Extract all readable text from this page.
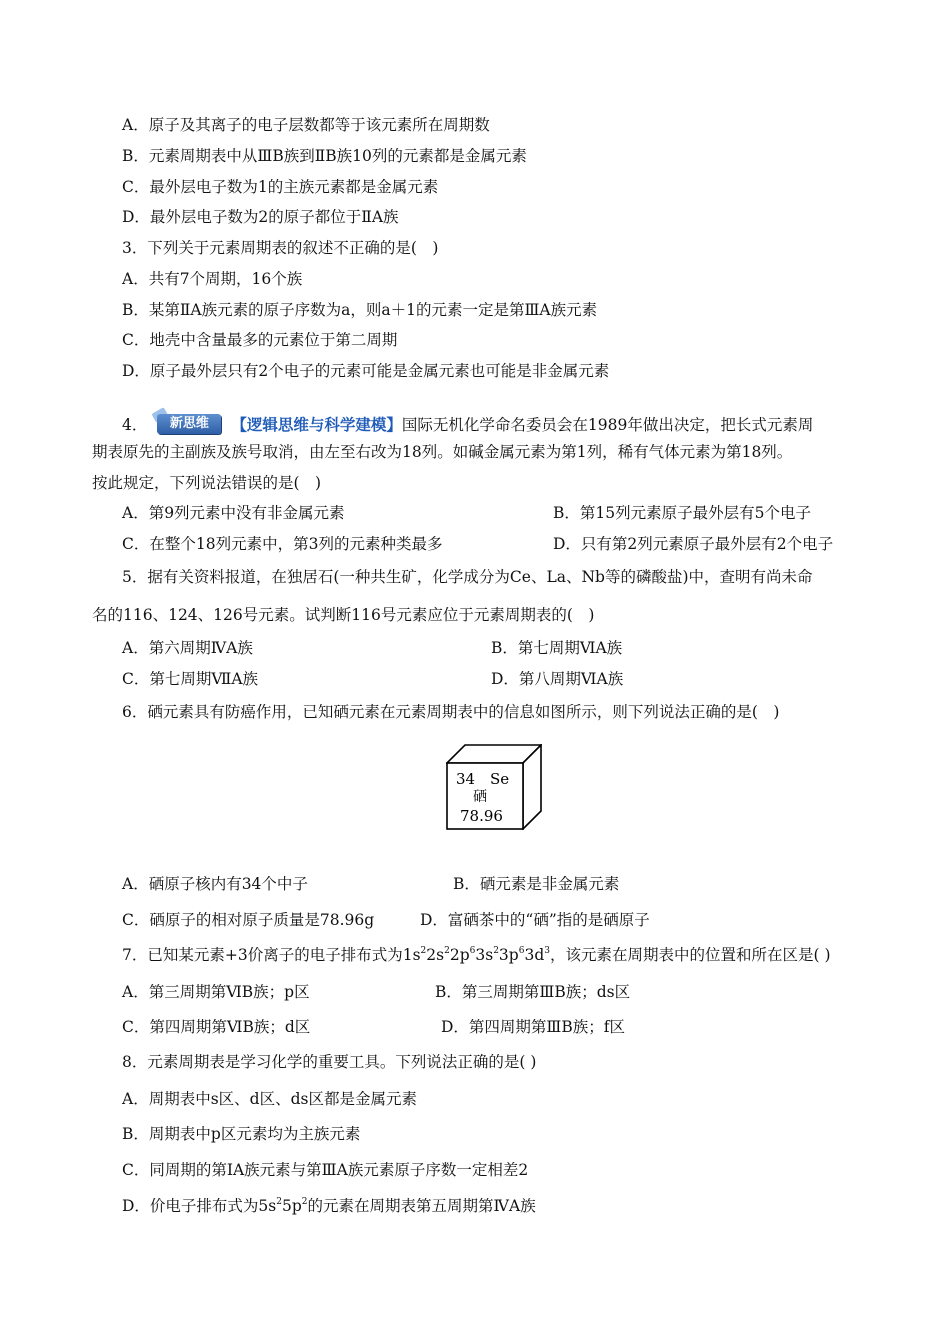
A．原子及其离子的电子层数都等于该元素所在周期数
B．元素周期表中从ⅢB族到ⅡB族10列的元素都是金属元素
C．最外层电子数为1的主族元素都是金属元素
D．最外层电子数为2的原子都位于ⅡA族
3．下列关于元素周期表的叙述不正确的是(　)
A．共有7个周期，16个族
B．某第ⅡA族元素的原子序数为a，则a＋1的元素一定是第ⅢA族元素
C．地壳中含量最多的元素位于第二周期
D．原子最外层只有2个电子的元素可能是金属元素也可能是非金属元素
4．	新思维	【逻辑思维与科学建模】国际无机化学命名委员会在1989年做出决定，把长式元素周
期表原先的主副族及族号取消，由左至右改为18列。如碱金属元素为第1列，稀有气体元素为第18列。
按此规定，下列说法错误的是(　)
A．第9列元素中没有非金属元素	B．第15列元素原子最外层有5个电子
C．在整个18列元素中，第3列的元素种类最多	D．只有第2列元素原子最外层有2个电子
5．据有关资料报道，在独居石(一种共生矿，化学成分为Ce、La、Nb等的磷酸盐)中，查明有尚未命
名的116、124、126号元素。试判断116号元素应位于元素周期表的(　)
A．第六周期ⅣA族	B．第七周期ⅥA族
C．第七周期ⅦA族	D．第八周期ⅥA族
6．硒元素具有防癌作用，已知硒元素在元素周期表中的信息如图所示，则下列说法正确的是(　)
34 Se
硒
78.96
A．硒原子核内有34个中子	B．硒元素是非金属元素
C．硒原子的相对原子质量是78.96g	D．富硒茶中的“硒”指的是硒原子
7．已知某元素+3价离子的电子排布式为$1s^22s^22p^63s^23p^63d^3$，该元素在周期表中的位置和所在区是( )
A．第三周期第ⅥB族；p区	B．第三周期第ⅢB族；ds区
C．第四周期第ⅥB族；d区	D．第四周期第ⅢB族；f区
8．元素周期表是学习化学的重要工具。下列说法正确的是( )
A．周期表中s区、d区、ds区都是金属元素
B．周期表中p区元素均为主族元素
C．同周期的第ⅠA族元素与第ⅢA族元素原子序数一定相差2
D．价电子排布式为$5s^25p^2$的元素在周期表第五周期第ⅣA族
